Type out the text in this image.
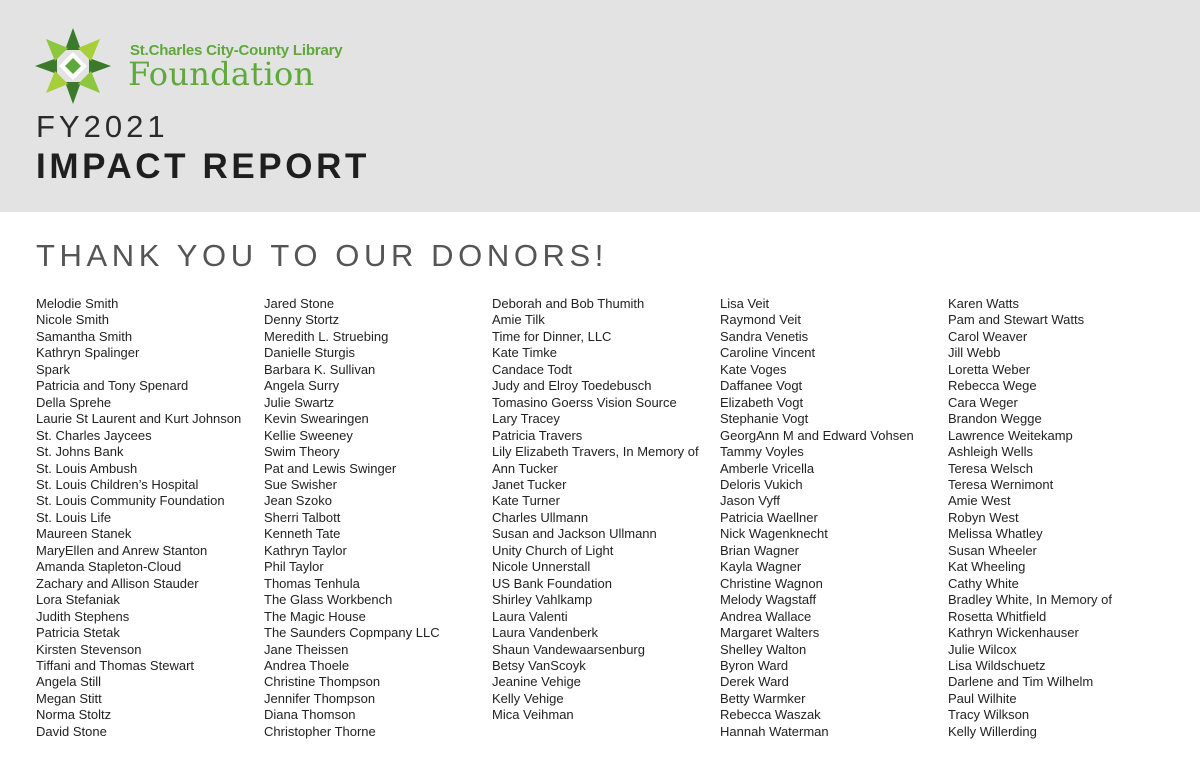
St.Charles City-County Library
Foundation
FY2021
IMPACT REPORT
THANK YOU TO OUR DONORS!
Melodie Smith
Nicole Smith
Samantha Smith
Kathryn Spalinger
Spark
Patricia and Tony Spenard
Della Sprehe
Laurie St Laurent and Kurt Johnson
St. Charles Jaycees
St. Johns Bank
St. Louis Ambush
St. Louis Children’s Hospital
St. Louis Community Foundation
St. Louis Life
Maureen Stanek
MaryEllen and Anrew Stanton
Amanda Stapleton-Cloud
Zachary and Allison Stauder
Lora Stefaniak
Judith Stephens
Patricia Stetak
Kirsten Stevenson
Tiffani and Thomas Stewart
Angela Still
Megan Stitt
Norma Stoltz
David Stone
Jared Stone
Denny Stortz
Meredith L. Struebing
Danielle Sturgis
Barbara K. Sullivan
Angela Surry
Julie Swartz
Kevin Swearingen
Kellie Sweeney
Swim Theory
Pat and Lewis Swinger
Sue Swisher
Jean Szoko
Sherri Talbott
Kenneth Tate
Kathryn Taylor
Phil Taylor
Thomas Tenhula
The Glass Workbench
The Magic House
The Saunders Copmpany LLC
Jane Theissen
Andrea Thoele
Christine Thompson
Jennifer Thompson
Diana Thomson
Christopher Thorne
Deborah and Bob Thumith
Amie Tilk
Time for Dinner, LLC
Kate Timke
Candace Todt
Judy and Elroy Toedebusch
Tomasino Goerss Vision Source
Lary Tracey
Patricia Travers
Lily Elizabeth Travers, In Memory of
Ann Tucker
Janet Tucker
Kate Turner
Charles Ullmann
Susan and Jackson Ullmann
Unity Church of Light
Nicole Unnerstall
US Bank Foundation
Shirley Vahlkamp
Laura Valenti
Laura Vandenberk
Shaun Vandewaarsenburg
Betsy VanScoyk
Jeanine Vehige
Kelly Vehige
Mica Veihman
Lisa Veit
Raymond Veit
Sandra Venetis
Caroline Vincent
Kate Voges
Daffanee Vogt
Elizabeth Vogt
Stephanie Vogt
GeorgAnn M and Edward Vohsen
Tammy Voyles
Amberle Vricella
Deloris Vukich
Jason Vyff
Patricia Waellner
Nick Wagenknecht
Brian Wagner
Kayla Wagner
Christine Wagnon
Melody Wagstaff
Andrea Wallace
Margaret Walters
Shelley Walton
Byron Ward
Derek Ward
Betty Warmker
Rebecca Waszak
Hannah Waterman
Karen Watts
Pam and Stewart Watts
Carol Weaver
Jill Webb
Loretta Weber
Rebecca Wege
Cara Weger
Brandon Wegge
Lawrence Weitekamp
Ashleigh Wells
Teresa Welsch
Teresa Wernimont
Amie West
Robyn West
Melissa Whatley
Susan Wheeler
Kat Wheeling
Cathy White
Bradley White, In Memory of
Rosetta Whitfield
Kathryn Wickenhauser
Julie Wilcox
Lisa Wildschuetz
Darlene and Tim Wilhelm
Paul Wilhite
Tracy Wilkson
Kelly Willerding
